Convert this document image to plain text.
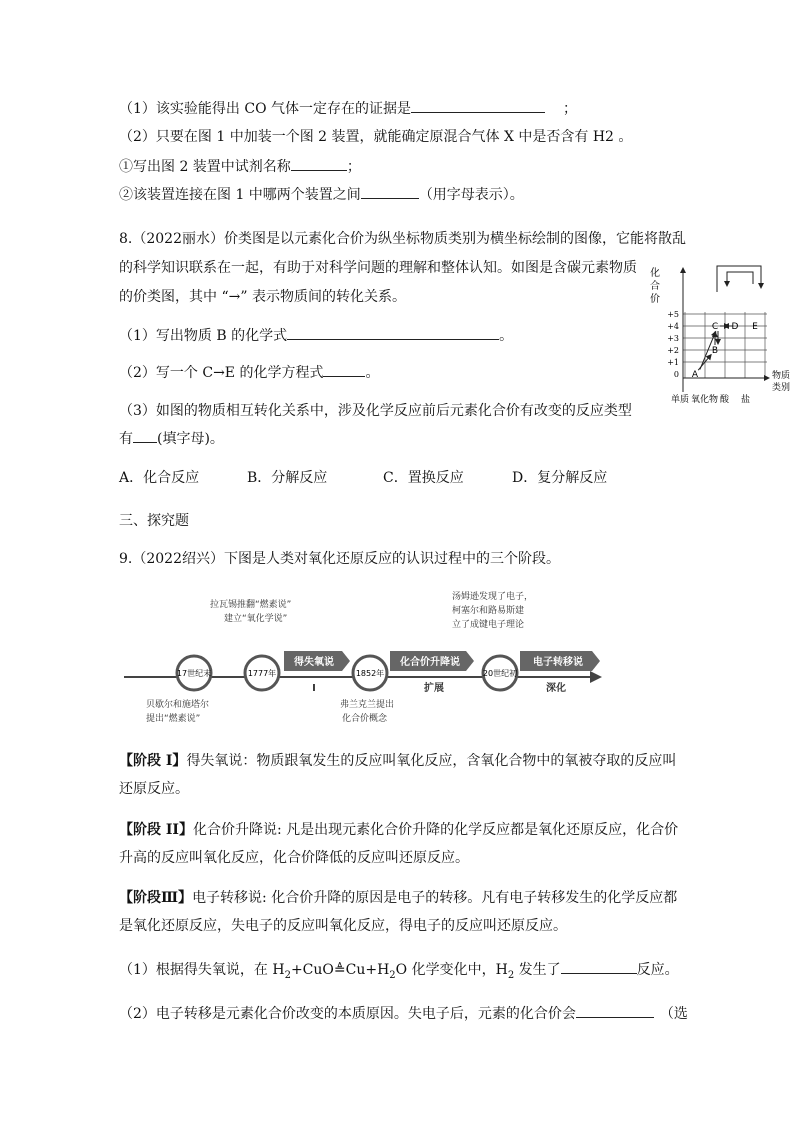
（1）该实验能得出 CO 气体一定存在的证据是	；
（2）只要在图 1 中加装一个图 2 装置，就能确定原混合气体 X 中是否含有 H2 。
①写出图 2 装置中试剂名称	；
②该装置连接在图 1 中哪两个装置之间	（用字母表示）。
8.（2022丽水）价类图是以元素化合价为纵坐标物质类别为横坐标绘制的图像，它能将散乱
的科学知识联系在一起，有助于对科学问题的理解和整体认知。如图是含碳元素物质
的价类图，其中 “→” 表示物质间的转化关系。
（1）写出物质 B 的化学式	。
（2）写一个 C→E 的化学方程式	。
（3）如图的物质相互转化关系中，涉及化学反应前后元素化合价有改变的反应类型
有 (填字母)。
A．化合反应	B．分解反应	C．置换反应	D．复分解反应
化
合
价
物质
类别
+5
+4
+3
+2
+1
0
单质 氧化物 酸 盐
A
B
C D E
三、探究题
9.（2022绍兴）下图是人类对氧化还原反应的认识过程中的三个阶段。
拉瓦锡推翻“燃素说”
建立“氧化学说”
汤姆逊发现了电子，
柯塞尔和路易斯建
立了成键电子理论
贝歇尔和施塔尔
提出“燃素说”
弗兰克兰提出
化合价概念
17世纪末	1777年	1852年	20世纪初
得失氧说	化合价升降说	电子转移说
Ⅰ	扩展	深化
【阶段 I】得失氧说：物质跟氧发生的反应叫氧化反应，含氧化合物中的氧被夺取的反应叫
还原反应。
【阶段 II】化合价升降说: 凡是出现元素化合价升降的化学反应都是氧化还原反应，化合价
升高的反应叫氧化反应，化合价降低的反应叫还原反应。
【阶段Ⅲ】电子转移说: 化合价升降的原因是电子的转移。凡有电子转移发生的化学反应都
是氧化还原反应，失电子的反应叫氧化反应，得电子的反应叫还原反应。
（1）根据得失氧说，在 $H_2+CuO≜Cu+H_2O$ 化学变化中，$H_2$ 发生了	反应。
（2）电子转移是元素化合价改变的本质原因。失电子后，元素的化合价会	（选
